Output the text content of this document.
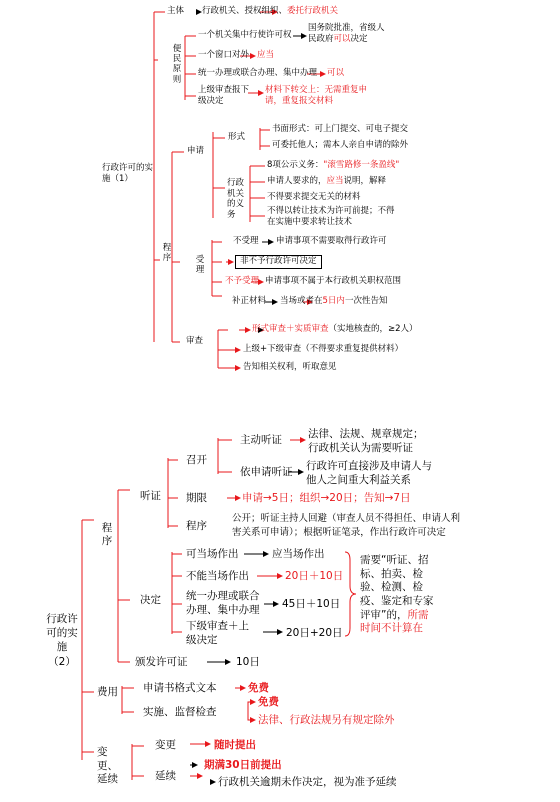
行政许可的实施（1）
主体 行政机关、授权组织、委托行政机关
便民原则
一个机关集中行使许可权
国务院批准，省级人
民政府可以决定
一个窗口对外 应当
统一办理或联合办理、集中办理 可以
上级审查报下
级决定
材料下转交上：无需重复申
请，重复报交材料
程序
申请
形式
书面形式：可上门提交、可电子提交
可委托他人；需本人亲自申请的除外
行政机关的义务
8项公示义务："滚雪路修一条盈线"
申请人要求的，应当说明，解释
不得要求提交无关的材料
不得以转让技术为许可前提；不得
在实施中要求转让技术
受理
不受理 申请事项不需要取得行政许可
非不予行政许可决定
不予受理 申请事项不属于本行政机关职权范围
补正材料 当场或者在5日内一次性告知
审查
形式审查＋实质审查（实地核查的，≥2人）
上级+下级审查（不得要求重复提供材料）
告知相关权利，听取意见
行政许可的实施（2）
程序
听证
召开
主动听证 法律、法规、规章规定；
行政机关认为需要听证
依申请听证 行政许可直接涉及申请人与
他人之间重大利益关系
期限	申请→5日；组织→20日；告知→7日
程序
公开；听证主持人回避（审查人员不得担任、申请人利
害关系可申请）；根据听证笔录，作出行政许可决定
决定
可当场作出	应当场作出
不能当场作出	20日＋10日
统一办理或联合
办理、集中办理 45日＋10日
下级审查＋上
级决定
20日+20日
需要“听证、招
标、拍卖、检
验、检测、检
疫、鉴定和专家
评审”的，所需
时间不计算在
颁发许可证	10日
费用 申请书格式文本	免费
实施、监督检查
免费
法律、行政法规另有规定除外
变更、延续
变更	随时提出
延续
期满30日前提出
行政机关逾期未作决定，视为准予延续
